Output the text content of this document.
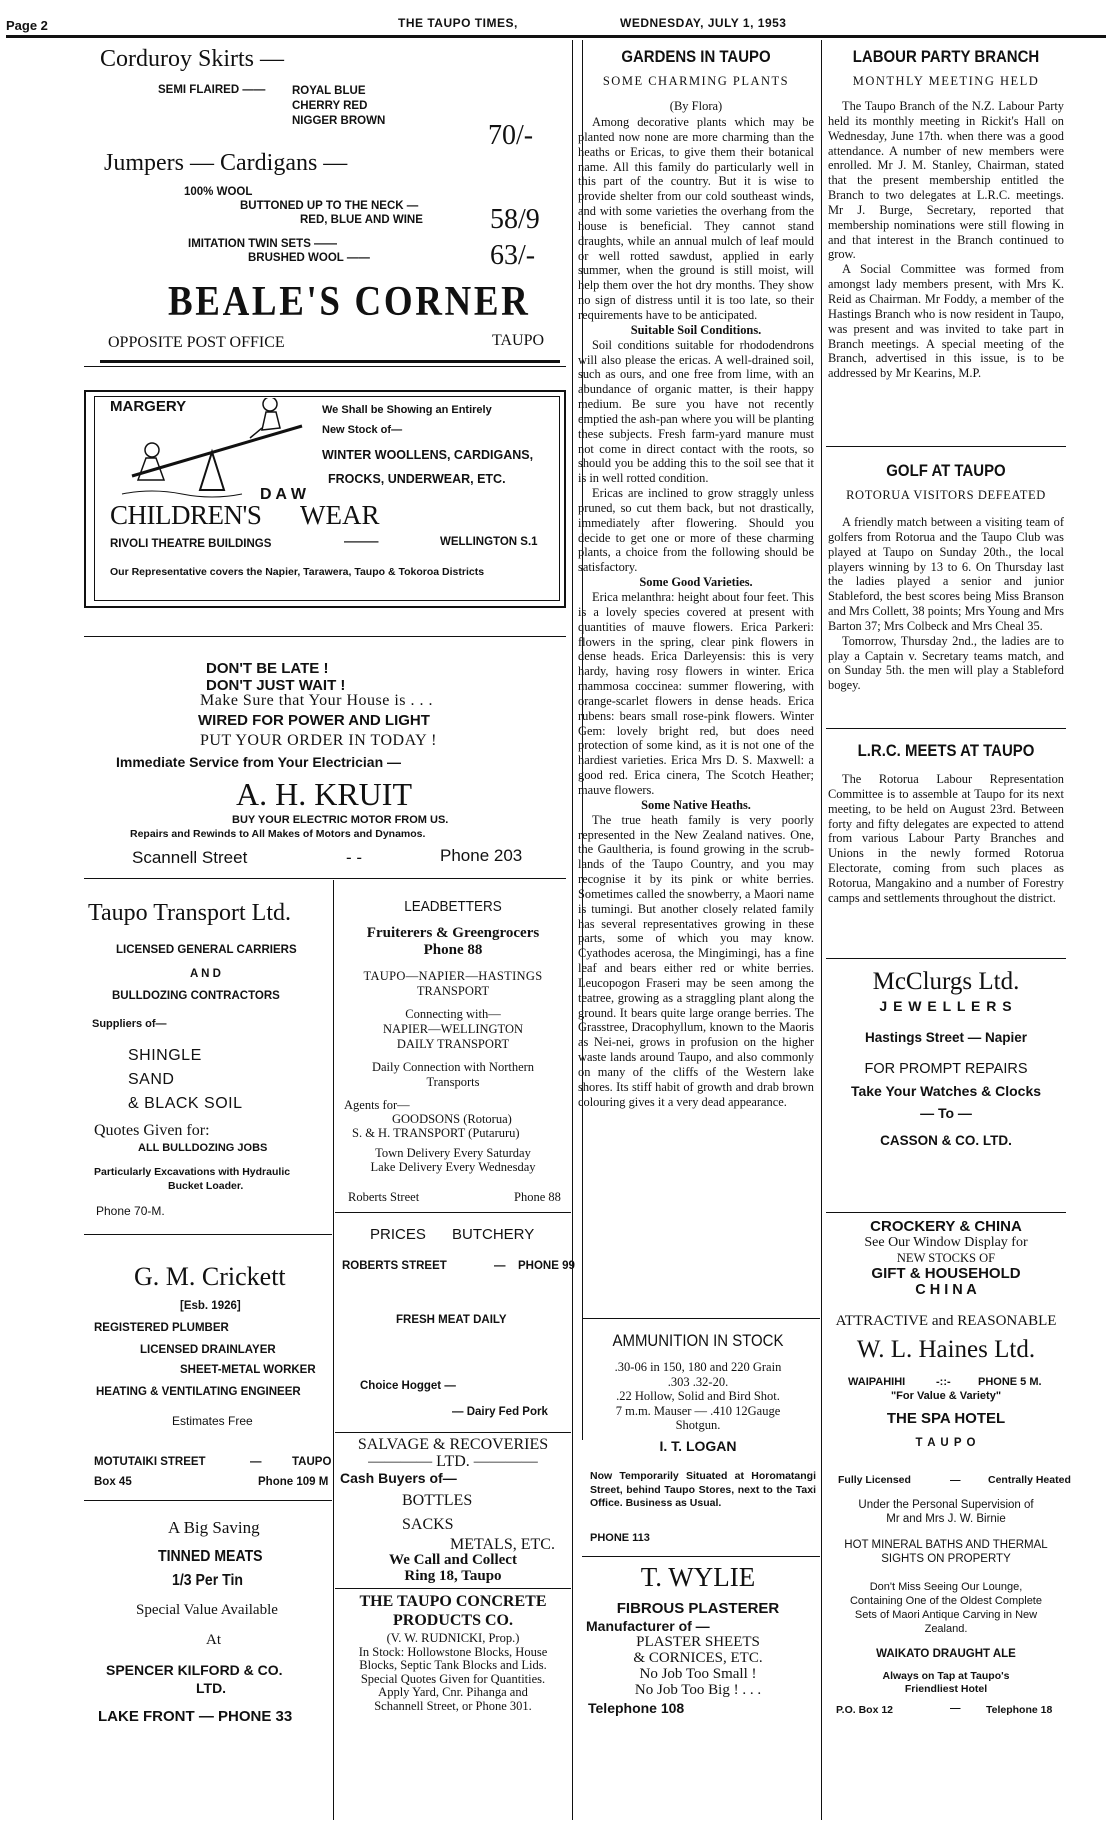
Page 2	THE TAUPO TIMES,	WEDNESDAY, JULY 1, 1953
Corduroy Skirts —
SEMI FLAIRED —— ROYAL BLUE
CHERRY RED
NIGGER BROWN	70/-
Jumpers — Cardigans —
100% WOOL
BUTTONED UP TO THE NECK —
RED, BLUE AND WINE 58/9
IMITATION TWIN SETS ——
BRUSHED WOOL ——	63/-
BEALE'S CORNER
OPPOSITE POST OFFICE	TAUPO
MARGERY	We Shall be Showing an Entirely
New Stock of—
WINTER WOOLLENS, CARDIGANS,
FROCKS, UNDERWEAR, ETC.
D A W
CHILDREN'S WEAR
RIVOLI THEATRE BUILDINGS	———	WELLINGTON S.1
Our Representative covers the Napier, Tarawera, Taupo & Tokoroa Districts
DON'T BE LATE !
DON'T JUST WAIT !
Make Sure that Your House is . . .
WIRED FOR POWER AND LIGHT
PUT YOUR ORDER IN TODAY !
Immediate Service from Your Electrician —
A. H. KRUIT
BUY YOUR ELECTRIC MOTOR FROM US.
Repairs and Rewinds to All Makes of Motors and Dynamos.
Scannell Street	- -	Phone 203
Taupo Transport Ltd.
LICENSED GENERAL CARRIERS
A N D
BULLDOZING CONTRACTORS
Suppliers of—
SHINGLE
SAND
& BLACK SOIL
Quotes Given for:
ALL BULLDOZING JOBS
Particularly Excavations with Hydraulic
Bucket Loader.
Phone 70-M.
G. M. Crickett
[Esb. 1926]
REGISTERED PLUMBER
LICENSED DRAINLAYER
SHEET-METAL WORKER
HEATING & VENTILATING ENGINEER
Estimates Free
MOTUTAIKI STREET	—	TAUPO
Box 45	Phone 109 M
A Big Saving
TINNED MEATS
1/3 Per Tin
Special Value Available
At
SPENCER KILFORD & CO.
LTD.
LAKE FRONT — PHONE 33
LEADBETTERS
Fruiterers & Greengrocers
Phone 88
TAUPO—NAPIER—HASTINGS
TRANSPORT
Connecting with—
NAPIER—WELLINGTON
DAILY TRANSPORT
Daily Connection with Northern
Transports
Agents for—
GOODSONS (Rotorua)
S. & H. TRANSPORT (Putaruru)
Town Delivery Every Saturday
Lake Delivery Every Wednesday
Roberts Street	Phone 88
PRICES BUTCHERY
ROBERTS STREET	— PHONE 99
FRESH MEAT DAILY
Choice Hogget —
— Dairy Fed Pork
SALVAGE & RECOVERIES
———— LTD. ————
Cash Buyers of—
BOTTLES
SACKS
METALS, ETC.
We Call and Collect
Ring 18, Taupo
THE TAUPO CONCRETE
PRODUCTS CO.
(V. W. RUDNICKI, Prop.)
In Stock: Hollowstone Blocks, House
Blocks, Septic Tank Blocks and Lids.
Special Quotes Given for Quantities.
Apply Yard, Cnr. Pihanga and
Schannell Street, or Phone 301.
GARDENS IN TAUPO
SOME CHARMING PLANTS
(By Flora)

Among decorative plants which may be planted now none are more charming than the heaths or Ericas, to give them their botanical name. All this family do particularly well in this part of the country. But it is wise to provide shelter from our cold southeast winds, and with some varieties the overhang from the house is beneficial. They cannot stand draughts, while an annual mulch of leaf mould or well rotted sawdust, applied in early summer, when the ground is still moist, will help them over the hot dry months. They show no sign of distress until it is too late, so their requirements have to be anticipated.

Suitable Soil Conditions.

Soil conditions suitable for rhododendrons will also please the ericas. A well-drained soil, such as ours, and one free from lime, with an abundance of organic matter, is their happy medium. Be sure you have not recently emptied the ash-pan where you will be planting these subjects. Fresh farm-yard manure must not come in direct contact with the roots, so should you be adding this to the soil see that it is in well rotted condition.

Ericas are inclined to grow straggly unless pruned, so cut them back, but not drastically, immediately after flowering. Should you decide to get one or more of these charming plants, a choice from the following should be satisfactory.

Some Good Varieties.

Erica melanthra: height about four feet. This is a lovely species covered at present with quantities of mauve flowers. Erica Parkeri: flowers in the spring, clear pink flowers in dense heads. Erica Darleyensis: this is very hardy, having rosy flowers in winter. Erica mammosa coccinea: summer flowering, with orange-scarlet flowers in dense heads. Erica rubens: bears small rose-pink flowers. Winter Gem: lovely bright red, but does need protection of some kind, as it is not one of the hardiest varieties. Erica Mrs D. S. Maxwell: a good red. Erica cinera, The Scotch Heather; mauve flowers.

Some Native Heaths.

The true heath family is very poorly represented in the New Zealand natives. One, the Gaultheria, is found growing in the scrub-lands of the Taupo Country, and you may recognise it by its pink or white berries. Sometimes called the snowberry, a Maori name is tumingi. But another closely related family has several representatives growing in these parts, some of which you may know. Cyathodes acerosa, the Mingimingi, has a fine leaf and bears either red or white berries. Leucopogon Fraseri may be seen among the teatree, growing as a straggling plant along the ground. It bears quite large orange berries. The Grasstree, Dracophyllum, known to the Maoris as Nei-nei, grows in profusion on the higher waste lands around Taupo, and also commonly on many of the cliffs of the Western lake shores. Its stiff habit of growth and drab brown colouring gives it a very dead appearance.

AMMUNITION IN STOCK
.30-06 in 150, 180 and 220 Grain
.303 .32-20.
.22 Hollow, Solid and Bird Shot.
7 m.m. Mauser — .410 12Gauge
Shotgun.
I. T. LOGAN
Now Temporarily Situated at Horomatangi Street, behind Taupo Stores, next to the Taxi Office. Business as Usual.
PHONE 113
T. WYLIE
FIBROUS PLASTERER
Manufacturer of —
PLASTER SHEETS
& CORNICES, ETC.
No Job Too Small !
No Job Too Big ! . . .
Telephone 108
LABOUR PARTY BRANCH
MONTHLY MEETING HELD

The Taupo Branch of the N.Z. Labour Party held its monthly meeting in Rickit's Hall on Wednesday, June 17th. when there was a good attendance. A number of new members were enrolled. Mr J. M. Stanley, Chairman, stated that the present membership entitled the Branch to two delegates at L.R.C. meetings. Mr J. Burge, Secretary, reported that membership nominations were still flowing in and that interest in the Branch continued to grow.

A Social Committee was formed from amongst lady members present, with Mrs K. Reid as Chairman. Mr Foddy, a member of the Hastings Branch who is now resident in Taupo, was present and was invited to take part in Branch meetings. A special meeting of the Branch, advertised in this issue, is to be addressed by Mr Kearins, M.P.

GOLF AT TAUPO
ROTORUA VISITORS DEFEATED

A friendly match between a visiting team of golfers from Rotorua and the Taupo Club was played at Taupo on Sunday 20th., the local players winning by 13 to 6. On Thursday last the ladies played a senior and junior Stableford, the best scores being Miss Branson and Mrs Collett, 38 points; Mrs Young and Mrs Barton 37; Mrs Colbeck and Mrs Cheal 35.

Tomorrow, Thursday 2nd., the ladies are to play a Captain v. Secretary teams match, and on Sunday 5th. the men will play a Stableford bogey.

L.R.C. MEETS AT TAUPO

The Rotorua Labour Representation Committee is to assemble at Taupo for its next meeting, to be held on August 23rd. Between forty and fifty delegates are expected to attend from various Labour Party Branches and Unions in the newly formed Rotorua Electorate, coming from such places as Rotorua, Mangakino and a number of Forestry camps and settlements throughout the district.

McClurgs Ltd.
J E W E L L E R S
Hastings Street — Napier
FOR PROMPT REPAIRS
Take Your Watches & Clocks
— To —
CASSON & CO. LTD.
CROCKERY & CHINA
See Our Window Display for
NEW STOCKS OF
GIFT & HOUSEHOLD
C H I N A
ATTRACTIVE and REASONABLE
W. L. Haines Ltd.
WAIPAHIHI	-::- PHONE 5 M.
"For Value & Variety"
THE SPA HOTEL
T A U P O
Fully Licensed	—	Centrally Heated
Under the Personal Supervision of
Mr and Mrs J. W. Birnie
HOT MINERAL BATHS AND THERMAL
SIGHTS ON PROPERTY
Don't Miss Seeing Our Lounge, Containing One of the Oldest Complete Sets of Maori Antique Carving in New Zealand.
WAIKATO DRAUGHT ALE
Always on Tap at Taupo's
Friendliest Hotel
P.O. Box 12	— Telephone 18
